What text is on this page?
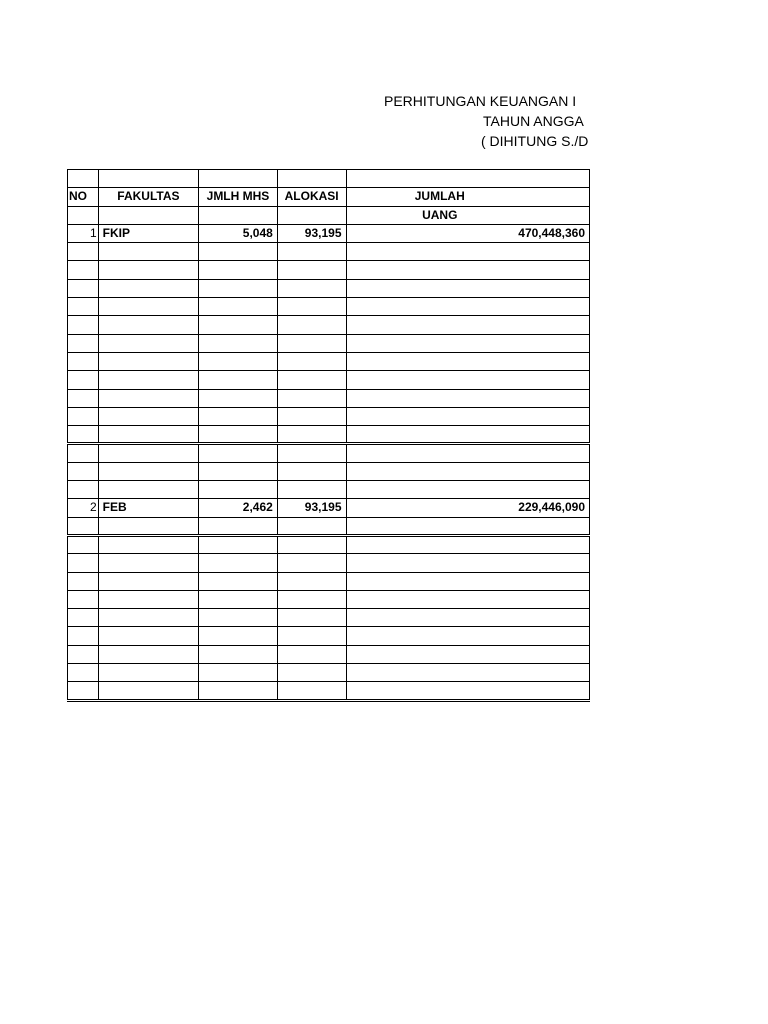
PERHITUNGAN KEUANGAN I
TAHUN ANGGA
( DIHITUNG S./D

NO	FAKULTAS	JMLH MHS	ALOKASI	JUMLAH
				UANG
1	FKIP	5,048	93,195	470,448,360

2	FEB	2,462	93,195	229,446,090
